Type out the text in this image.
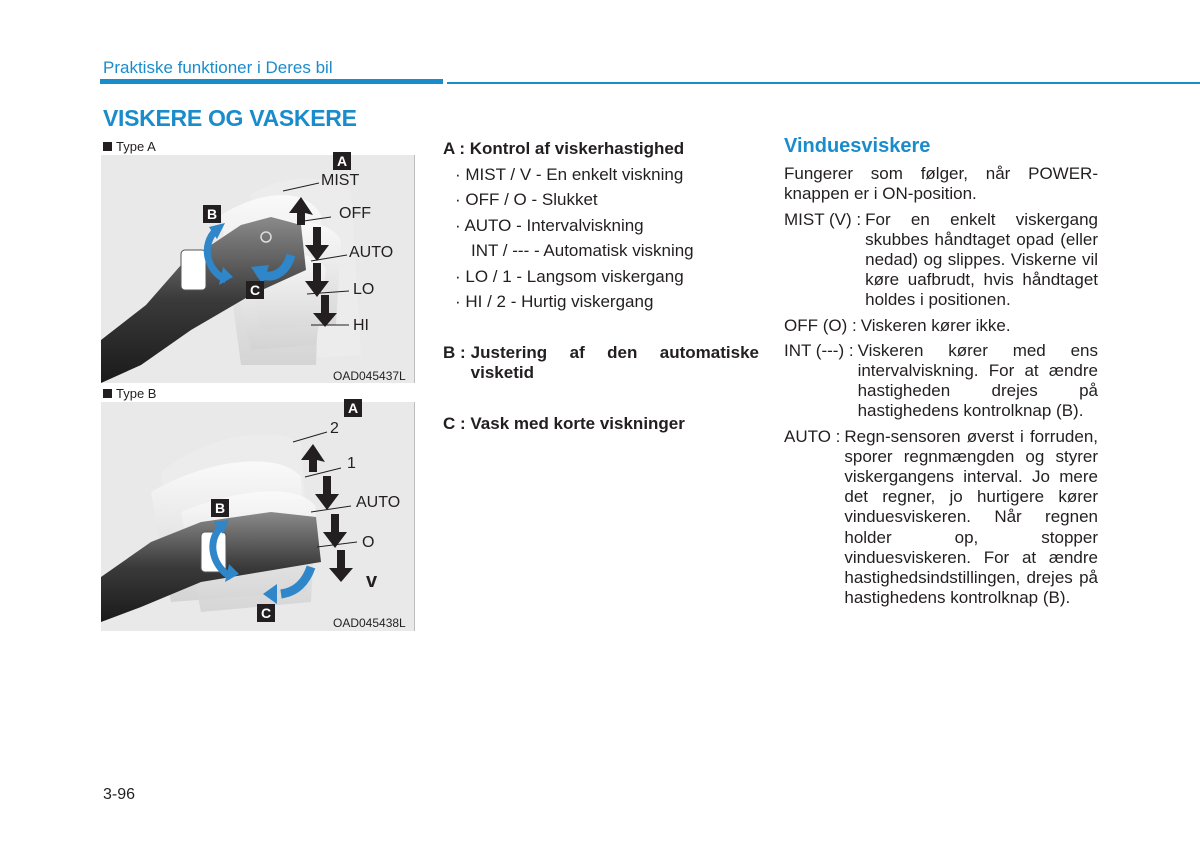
Praktiske funktioner i Deres bil
VISKERE OG VASKERE
Type A
A
B
C
MIST
OFF
AUTO
LO
HI
OAD045437L
Type B
A
B
C
2
1
AUTO
O
v
OAD045438L
A : Kontrol af viskerhastighed
· MIST / V - En enkelt viskning
· OFF / O - Slukket
· AUTO - Intervalviskning
INT / --- - Automatisk viskning
· LO / 1 - Langsom viskergang
· HI / 2 - Hurtig viskergang
B : Justering af den automatiske visketid
C : Vask med korte viskninger
Vinduesviskere
Fungerer som følger, når POWER-knappen er i ON-position.
MIST (V) : For en enkelt viskergang skubbes håndtaget opad (eller nedad) og slippes. Viskerne vil køre uafbrudt, hvis håndtaget holdes i positionen.
OFF (O) : Viskeren kører ikke.
INT (---) : Viskeren kører med ens intervalviskning. For at ændre hastigheden drejes på hastighedens kontrolknap (B).
AUTO : Regn-sensoren øverst i forruden, sporer regnmængden og styrer viskergangens interval. Jo mere det regner, jo hurtigere kører vinduesviskeren. Når regnen holder op, stopper vinduesviskeren. For at ændre hastighedsindstillingen, drejes på hastighedens kontrolknap (B).
3-96
